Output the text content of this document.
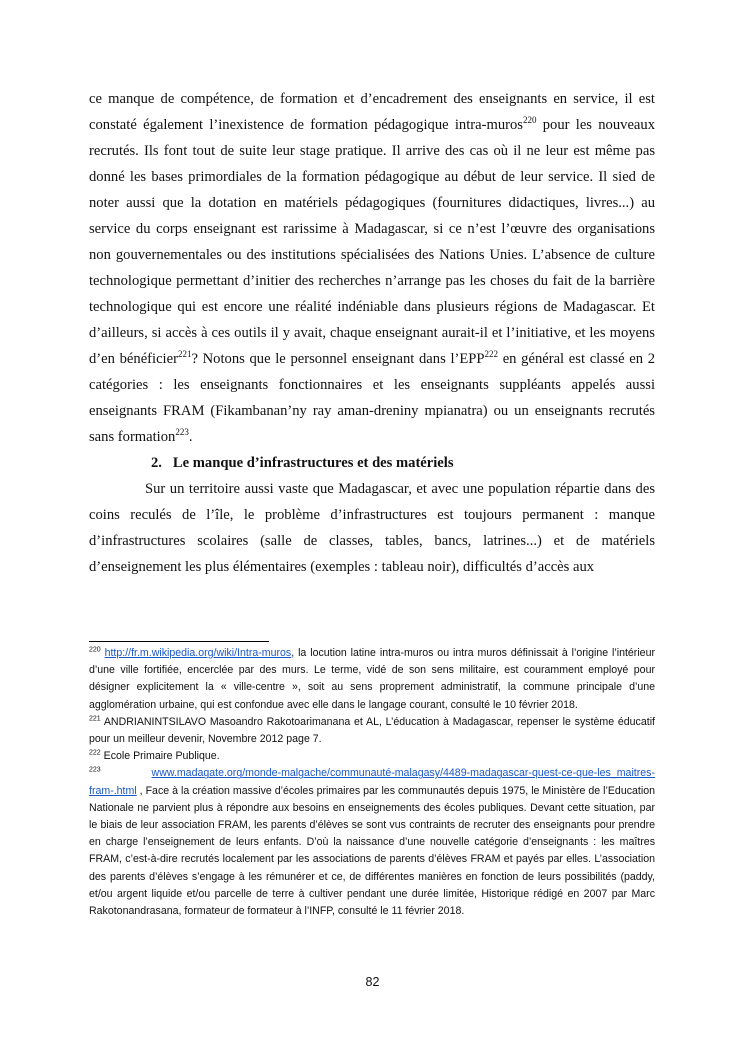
ce manque de compétence, de formation et d’encadrement des enseignants en service, il est constaté également l’inexistence de formation pédagogique intra-muros$^{220}$ pour les nouveaux recrutés. Ils font tout de suite leur stage pratique. Il arrive des cas où il ne leur est même pas donné les bases primordiales de la formation pédagogique au début de leur service. Il sied de noter aussi que la dotation en matériels pédagogiques (fournitures didactiques, livres...) au service du corps enseignant est rarissime à Madagascar, si ce n’est l’œuvre des organisations non gouvernementales ou des institutions spécialisées des Nations Unies. L’absence de culture technologique permettant d’initier des recherches n’arrange pas les choses du fait de la barrière technologique qui est encore une réalité indéniable dans plusieurs régions de Madagascar. Et d’ailleurs, si accès à ces outils il y avait, chaque enseignant aurait-il et l’initiative, et les moyens d’en bénéficier$^{221}$? Notons que le personnel enseignant dans l’EPP$^{222}$ en général est classé en 2 catégories : les enseignants fonctionnaires et les enseignants suppléants appelés aussi enseignants FRAM (Fikambanan’ny ray aman-dreniny mpianatra) ou un enseignants recrutés sans formation$^{223}$.

2. Le manque d’infrastructures et des matériels

Sur un territoire aussi vaste que Madagascar, et avec une population répartie dans des coins reculés de l’île, le problème d’infrastructures est toujours permanent : manque d’infrastructures scolaires (salle de classes, tables, bancs, latrines...) et de matériels d’enseignement les plus élémentaires (exemples : tableau noir), difficultés d’accès aux

$^{220}$ http://fr.m.wikipedia.org/wiki/Intra-muros, la locution latine intra-muros ou intra muros définissait à l’origine l’intérieur d’une ville fortifiée, encerclée par des murs. Le terme, vidé de son sens militaire, est couramment employé pour désigner explicitement la « ville-centre », soit au sens proprement administratif, la commune principale d’une agglomération urbaine, qui est confondue avec elle dans le langage courant, consulté le 10 février 2018.

$^{221}$ ANDRIANINTSILAVO Masoandro Rakotoarimanana et AL, L’éducation à Madagascar, repenser le système éducatif pour un meilleur devenir, Novembre 2012 page 7.

$^{222}$ Ecole Primaire Publique.

$^{223}$	www.madagate.org/monde-malgache/communauté-malagasy/4489-madagascar-quest-ce-que-les_maitres-fram-.html , Face à la création massive d’écoles primaires par les communautés depuis 1975, le Ministère de l’Education Nationale ne parvient plus à répondre aux besoins en enseignements des écoles publiques. Devant cette situation, par le biais de leur association FRAM, les parents d’élèves se sont vus contraints de recruter des enseignants pour prendre en charge l’enseignement de leurs enfants. D’où la naissance d’une nouvelle catégorie d’enseignants : les maîtres FRAM, c’est-à-dire recrutés localement par les associations de parents d’élèves FRAM et payés par elles. L’association des parents d’élèves s’engage à les rémunérer et ce, de différentes manières en fonction de leurs possibilités (paddy, et/ou argent liquide et/ou parcelle de terre à cultiver pendant une durée limitée, Historique rédigé en 2007 par Marc Rakotonandrasana, formateur de formateur à l’INFP, consulté le 11 février 2018.

82
